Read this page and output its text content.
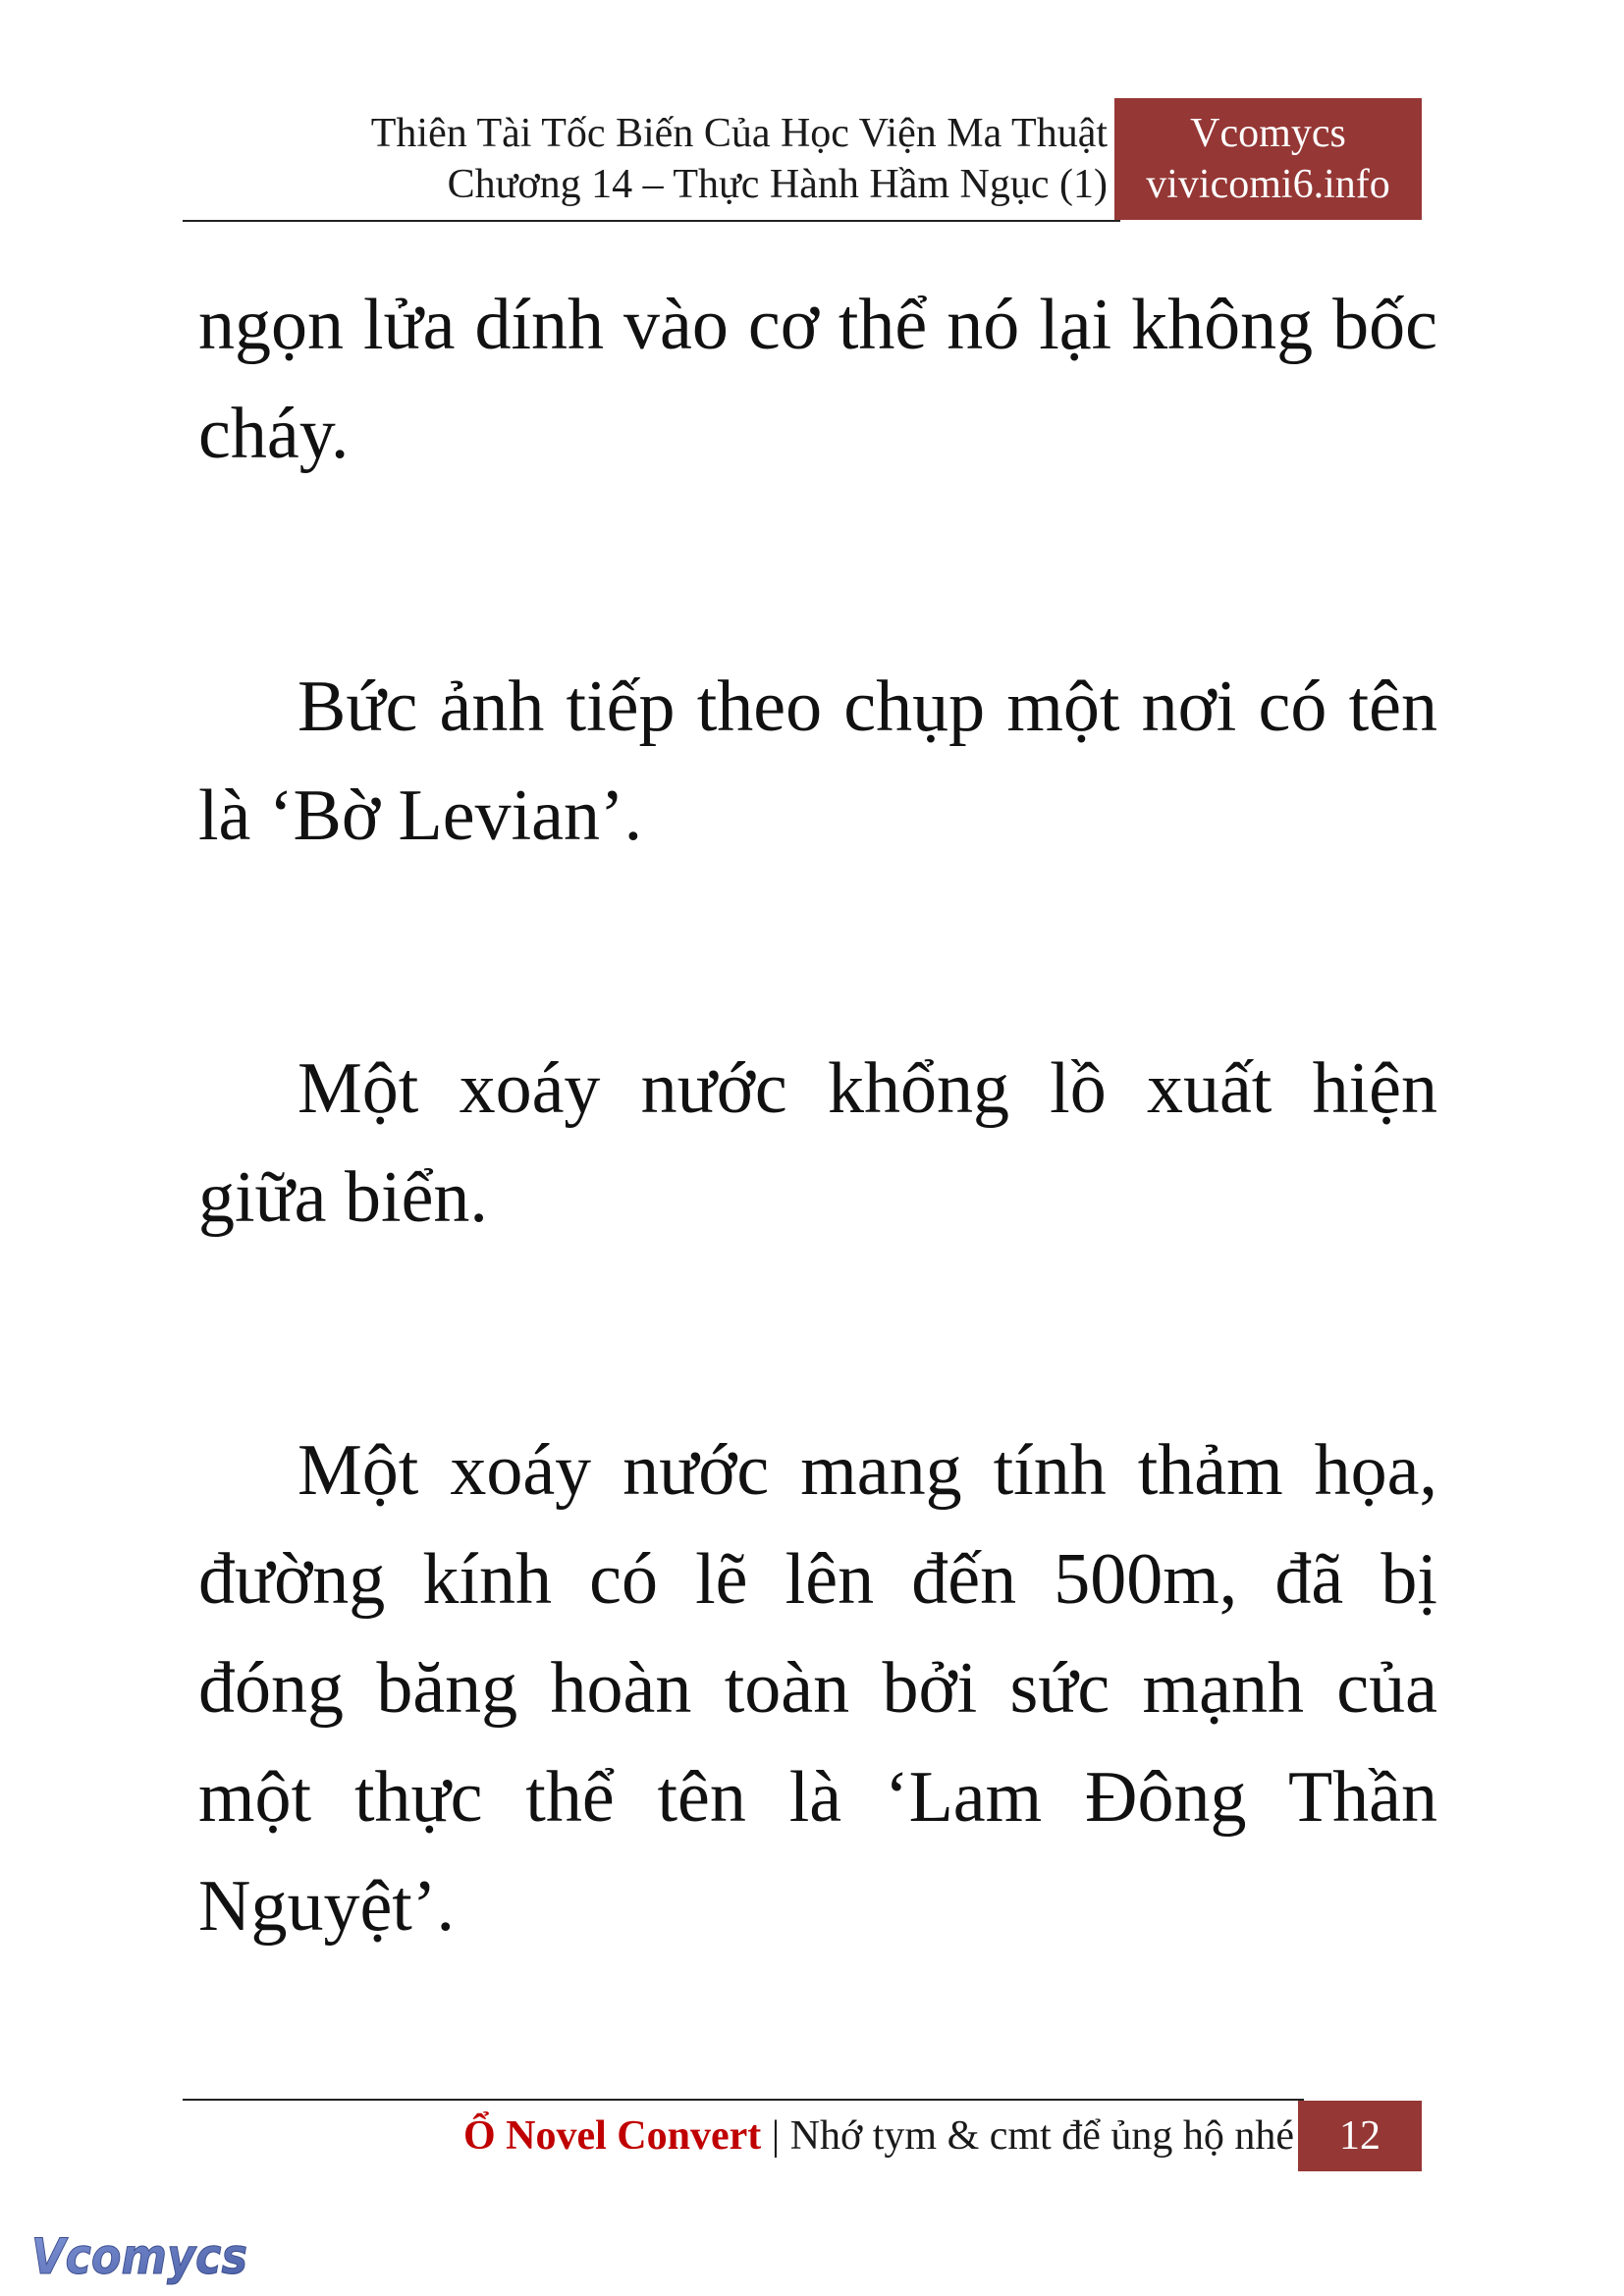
Thiên Tài Tốc Biến Của Học Viện Ma Thuật
Chương 14 – Thực Hành Hầm Ngục (1)
Vcomycs
vivicomi6.info

ngọn lửa dính vào cơ thể nó lại không bốc cháy.

Bức ảnh tiếp theo chụp một nơi có tên là ‘Bờ Levian’.

Một xoáy nước khổng lồ xuất hiện giữa biển.

Một xoáy nước mang tính thảm họa, đường kính có lẽ lên đến 500m, đã bị đóng băng hoàn toàn bởi sức mạnh của một thực thể tên là ‘Lam Đông Thần Nguyệt’.

Ổ Novel Convert | Nhớ tym & cmt để ủng hộ nhé	12
Vcomycs
